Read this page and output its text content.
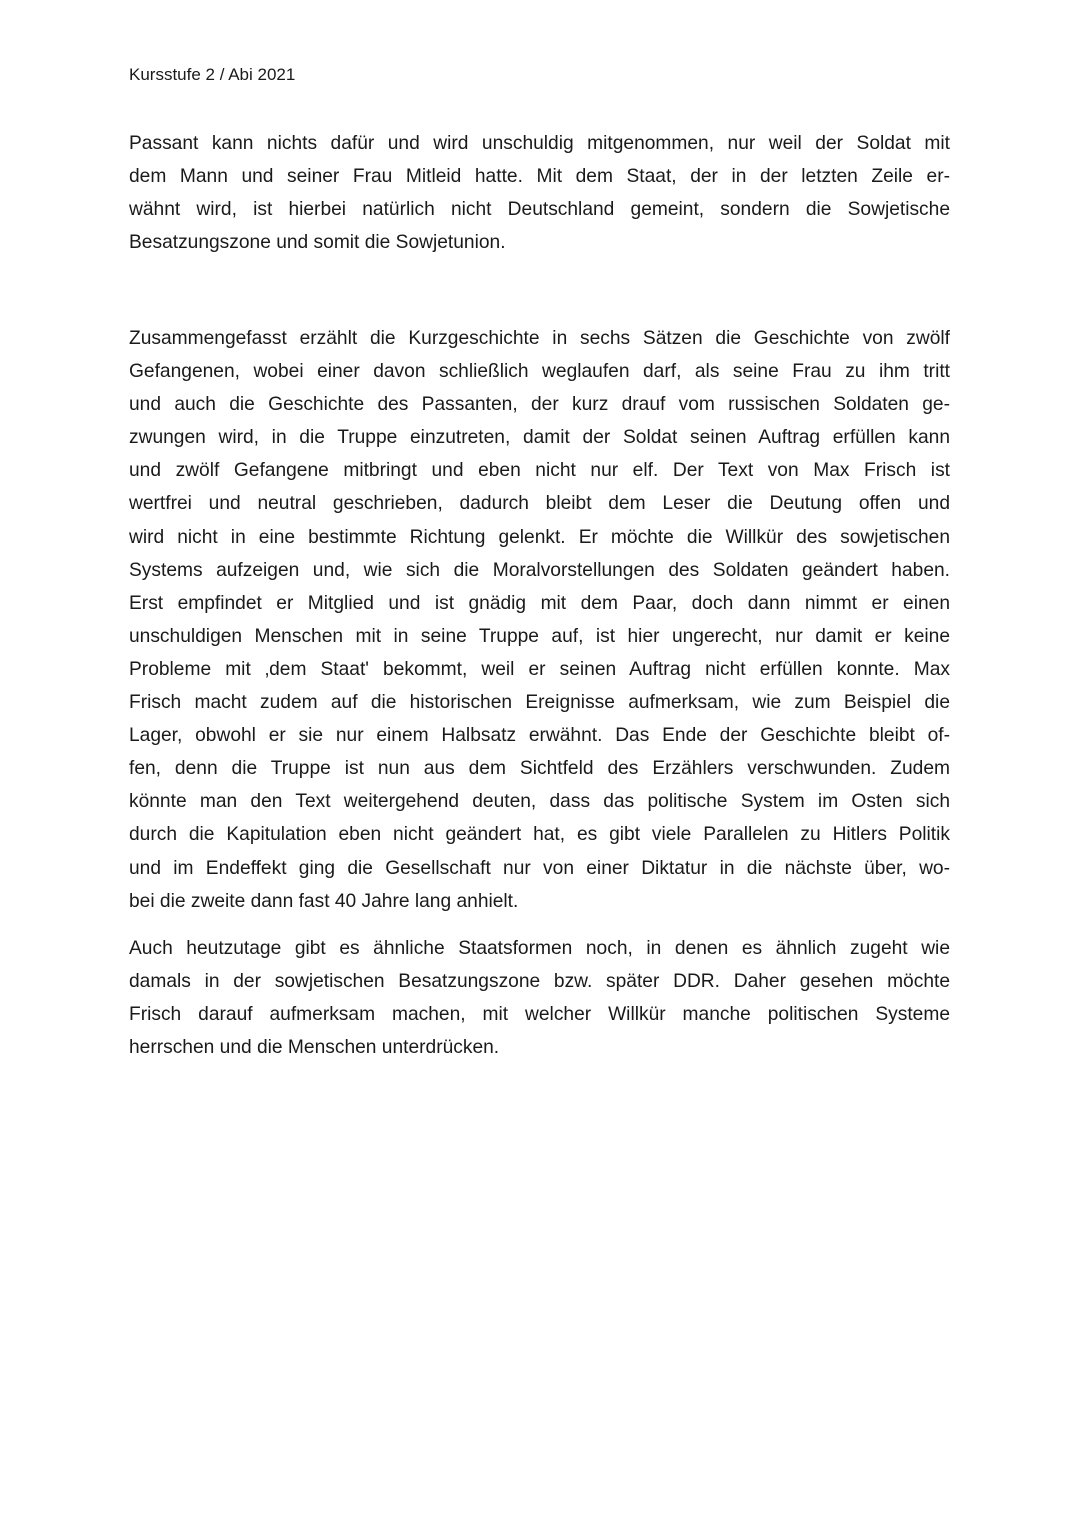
Kursstufe 2 / Abi 2021

Passant kann nichts dafür und wird unschuldig mitgenommen, nur weil der Soldat mit
dem Mann und seiner Frau Mitleid hatte. Mit dem Staat, der in der letzten Zeile er-
wähnt wird, ist hierbei natürlich nicht Deutschland gemeint, sondern die Sowjetische
Besatzungszone und somit die Sowjetunion.

Zusammengefasst erzählt die Kurzgeschichte in sechs Sätzen die Geschichte von zwölf
Gefangenen, wobei einer davon schließlich weglaufen darf, als seine Frau zu ihm tritt
und auch die Geschichte des Passanten, der kurz drauf vom russischen Soldaten ge-
zwungen wird, in die Truppe einzutreten, damit der Soldat seinen Auftrag erfüllen kann
und zwölf Gefangene mitbringt und eben nicht nur elf. Der Text von Max Frisch ist
wertfrei und neutral geschrieben, dadurch bleibt dem Leser die Deutung offen und
wird nicht in eine bestimmte Richtung gelenkt. Er möchte die Willkür des sowjetischen
Systems aufzeigen und, wie sich die Moralvorstellungen des Soldaten geändert haben.
Erst empfindet er Mitglied und ist gnädig mit dem Paar, doch dann nimmt er einen
unschuldigen Menschen mit in seine Truppe auf, ist hier ungerecht, nur damit er keine
Probleme mit ‚dem Staat' bekommt, weil er seinen Auftrag nicht erfüllen konnte. Max
Frisch macht zudem auf die historischen Ereignisse aufmerksam, wie zum Beispiel die
Lager, obwohl er sie nur einem Halbsatz erwähnt. Das Ende der Geschichte bleibt of-
fen, denn die Truppe ist nun aus dem Sichtfeld des Erzählers verschwunden. Zudem
könnte man den Text weitergehend deuten, dass das politische System im Osten sich
durch die Kapitulation eben nicht geändert hat, es gibt viele Parallelen zu Hitlers Politik
und im Endeffekt ging die Gesellschaft nur von einer Diktatur in die nächste über, wo-
bei die zweite dann fast 40 Jahre lang anhielt.

Auch heutzutage gibt es ähnliche Staatsformen noch, in denen es ähnlich zugeht wie
damals in der sowjetischen Besatzungszone bzw. später DDR. Daher gesehen möchte
Frisch darauf aufmerksam machen, mit welcher Willkür manche politischen Systeme
herrschen und die Menschen unterdrücken.
